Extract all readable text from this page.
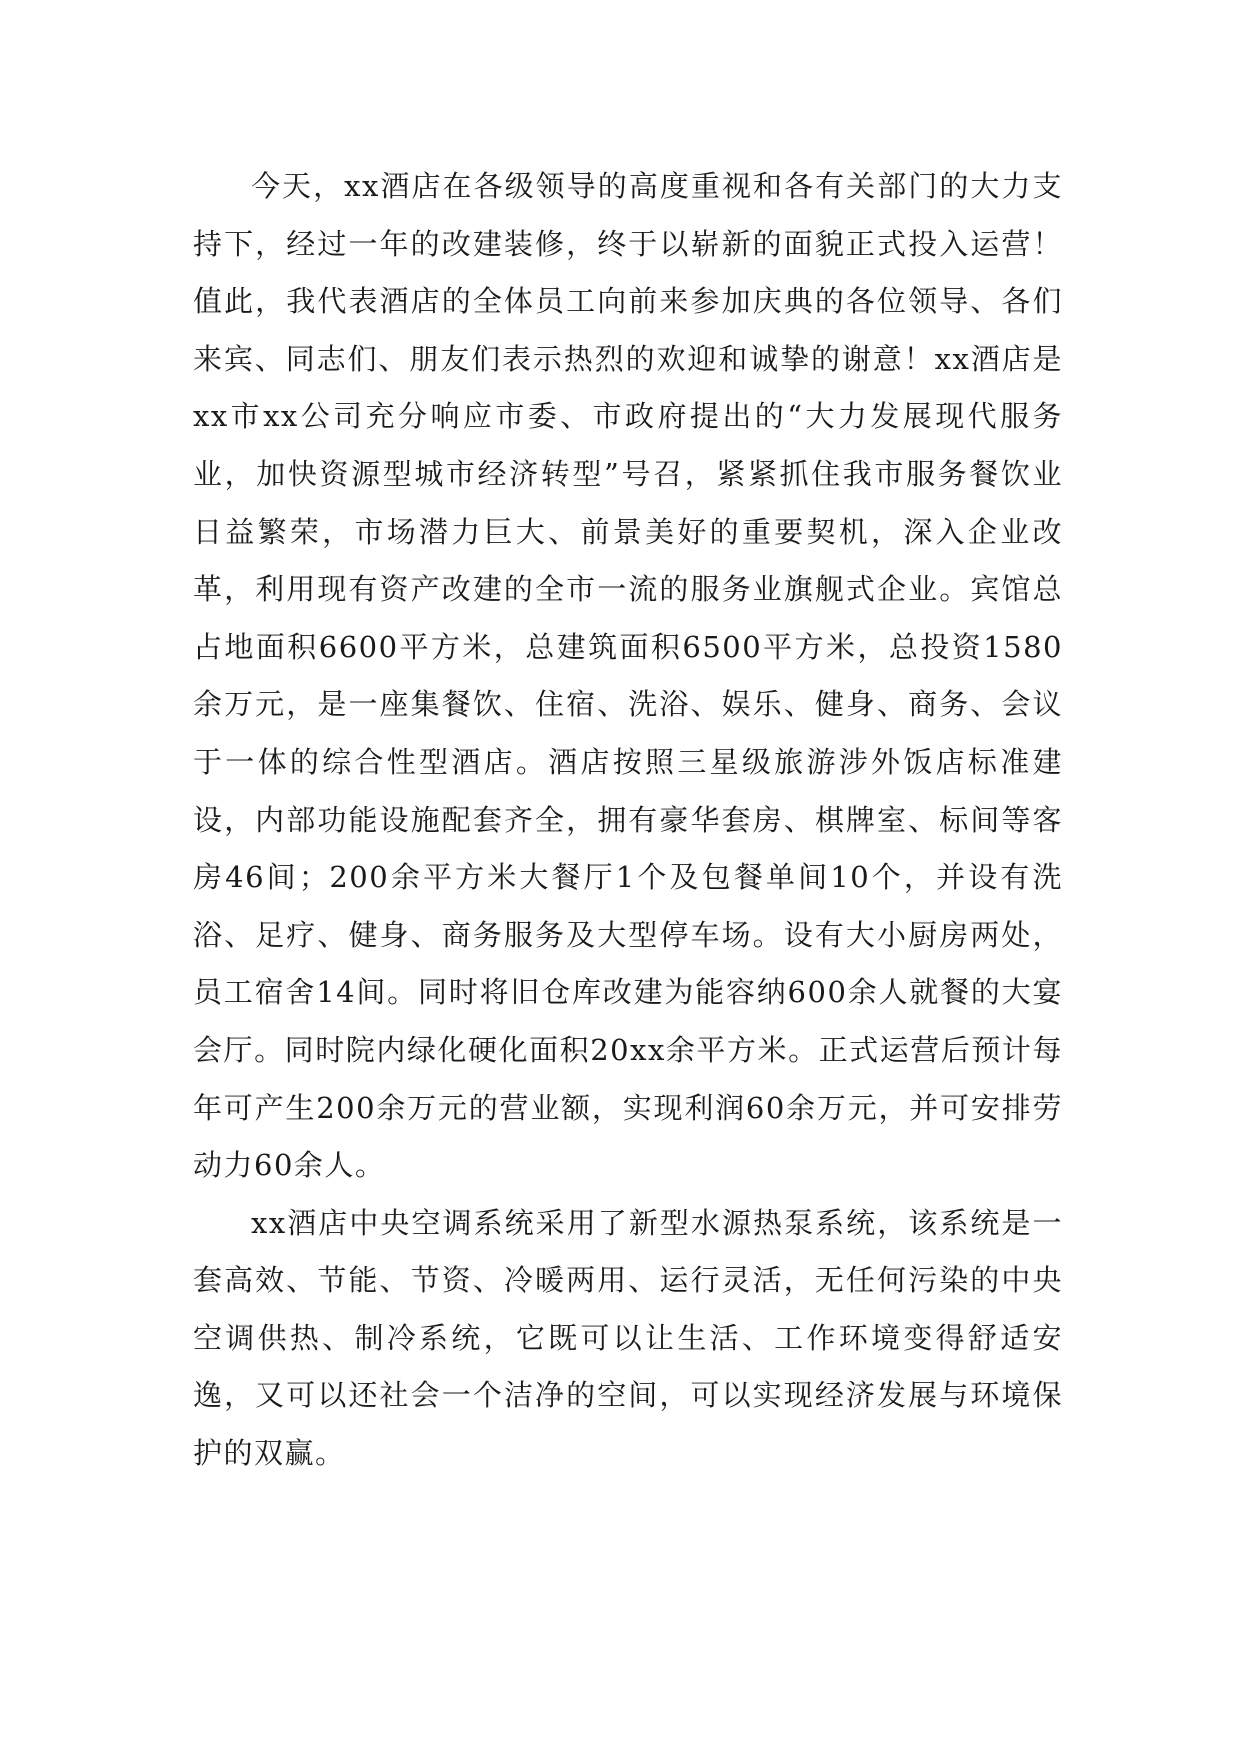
今天，xx酒店在各级领导的高度重视和各有关部门的大力支持下，经过一年的改建装修，终于以崭新的面貌正式投入运营！值此，我代表酒店的全体员工向前来参加庆典的各位领导、各们来宾、同志们、朋友们表示热烈的欢迎和诚挚的谢意！xx酒店是xx市xx公司充分响应市委、市政府提出的“大力发展现代服务业，加快资源型城市经济转型”号召，紧紧抓住我市服务餐饮业日益繁荣，市场潜力巨大、前景美好的重要契机，深入企业改革，利用现有资产改建的全市一流的服务业旗舰式企业。宾馆总占地面积6600平方米，总建筑面积6500平方米，总投资1580余万元，是一座集餐饮、住宿、洗浴、娱乐、健身、商务、会议于一体的综合性型酒店。酒店按照三星级旅游涉外饭店标准建设，内部功能设施配套齐全，拥有豪华套房、棋牌室、标间等客房46间；200余平方米大餐厅1个及包餐单间10个，并设有洗浴、足疗、健身、商务服务及大型停车场。设有大小厨房两处，员工宿舍14间。同时将旧仓库改建为能容纳600余人就餐的大宴会厅。同时院内绿化硬化面积20xx余平方米。正式运营后预计每年可产生200余万元的营业额，实现利润60余万元，并可安排劳动力60余人。

xx酒店中央空调系统采用了新型水源热泵系统，该系统是一套高效、节能、节资、冷暖两用、运行灵活，无任何污染的中央空调供热、制冷系统，它既可以让生活、工作环境变得舒适安逸，又可以还社会一个洁净的空间，可以实现经济发展与环境保护的双赢。
